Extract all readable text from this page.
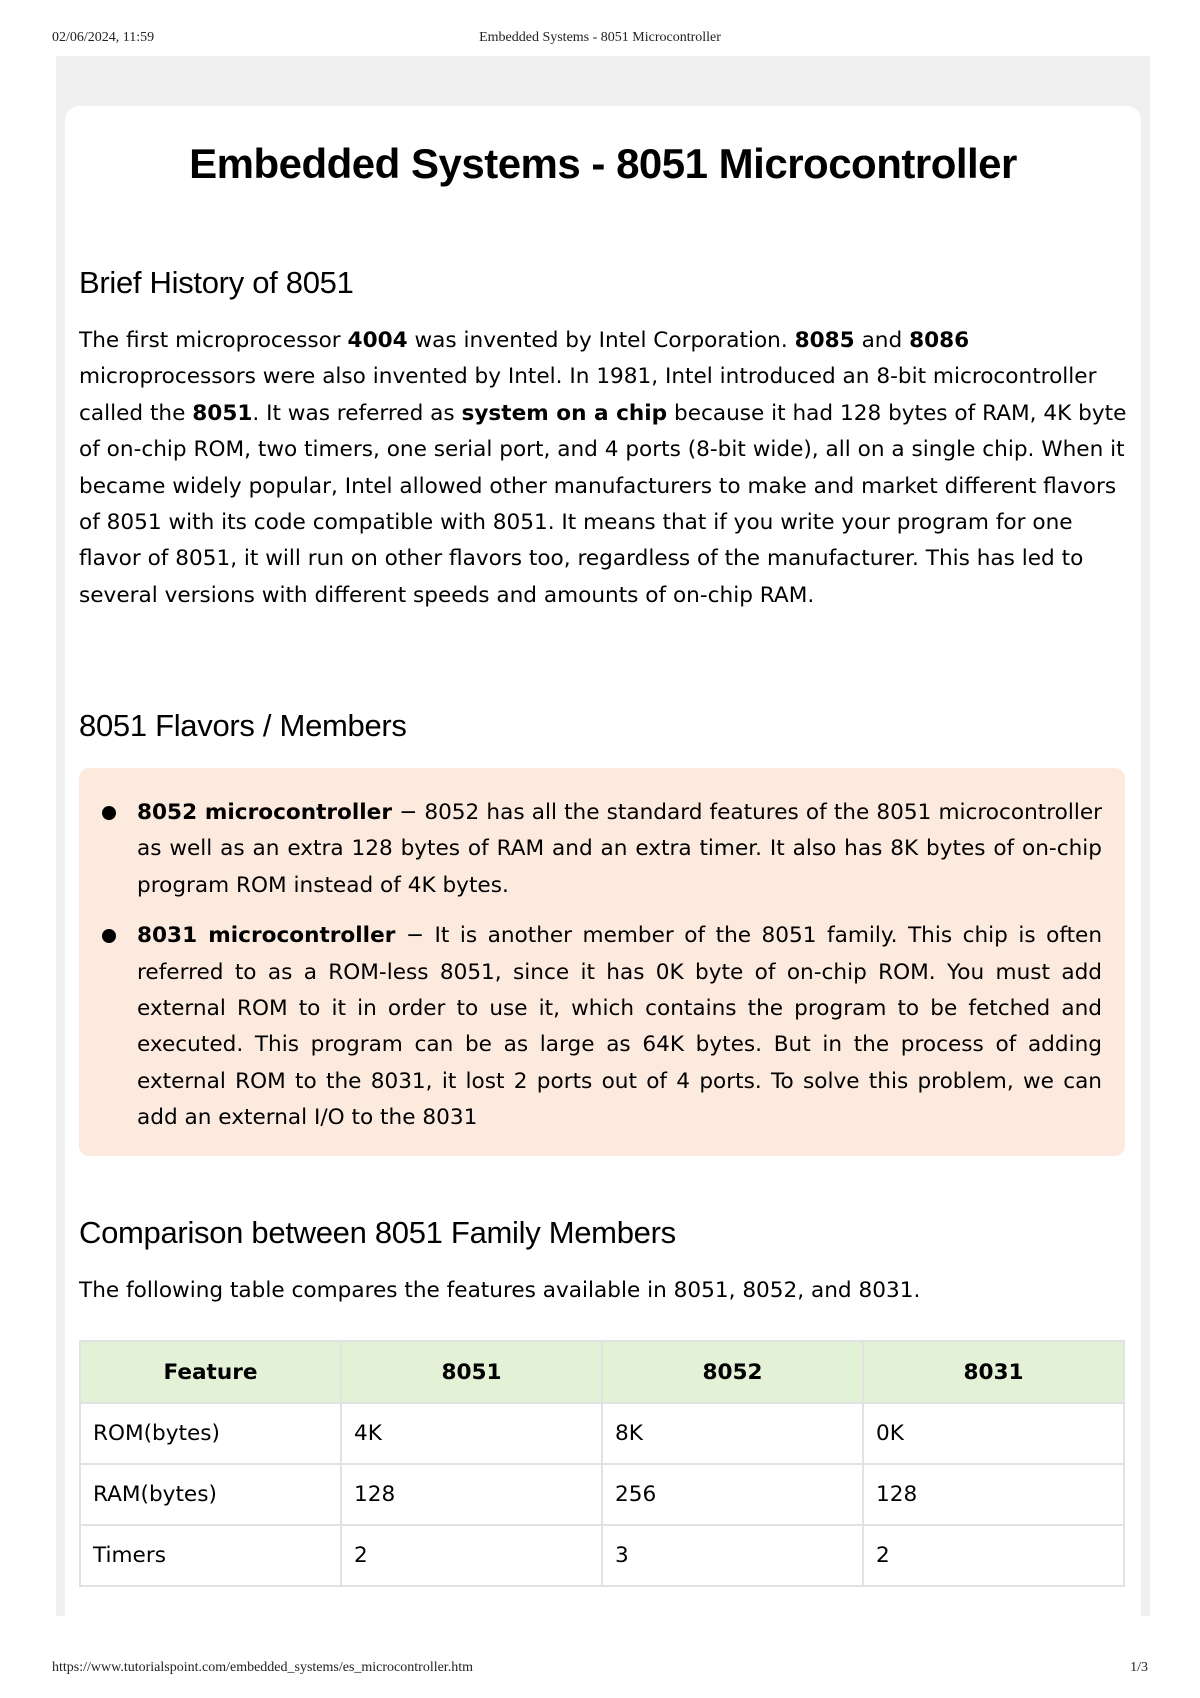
02/06/2024, 11:59	Embedded Systems - 8051 Microcontroller
Embedded Systems - 8051 Microcontroller
Brief History of 8051

The first microprocessor 4004 was invented by Intel Corporation. 8085 and 8086 microprocessors were also invented by Intel. In 1981, Intel introduced an 8-bit microcontroller called the 8051. It was referred as system on a chip because it had 128 bytes of RAM, 4K byte of on-chip ROM, two timers, one serial port, and 4 ports (8-bit wide), all on a single chip. When it became widely popular, Intel allowed other manufacturers to make and market different flavors of 8051 with its code compatible with 8051. It means that if you write your program for one flavor of 8051, it will run on other flavors too, regardless of the manufacturer. This has led to several versions with different speeds and amounts of on-chip RAM.

8051 Flavors / Members
8052 microcontroller − 8052 has all the standard features of the 8051 microcontroller as well as an extra 128 bytes of RAM and an extra timer. It also has 8K bytes of on-chip program ROM instead of 4K bytes.
8031 microcontroller − It is another member of the 8051 family. This chip is often referred to as a ROM-less 8051, since it has 0K byte of on-chip ROM. You must add external ROM to it in order to use it, which contains the program to be fetched and executed. This program can be as large as 64K bytes. But in the process of adding external ROM to the 8031, it lost 2 ports out of 4 ports. To solve this problem, we can add an external I/O to the 8031
Comparison between 8051 Family Members

The following table compares the features available in 8051, 8052, and 8031.

Feature	8051	8052	8031
ROM(bytes)	4K	8K	0K
RAM(bytes)	128	256	128
Timers	2	3	2
https://www.tutorialspoint.com/embedded_systems/es_microcontroller.htm	1/3
